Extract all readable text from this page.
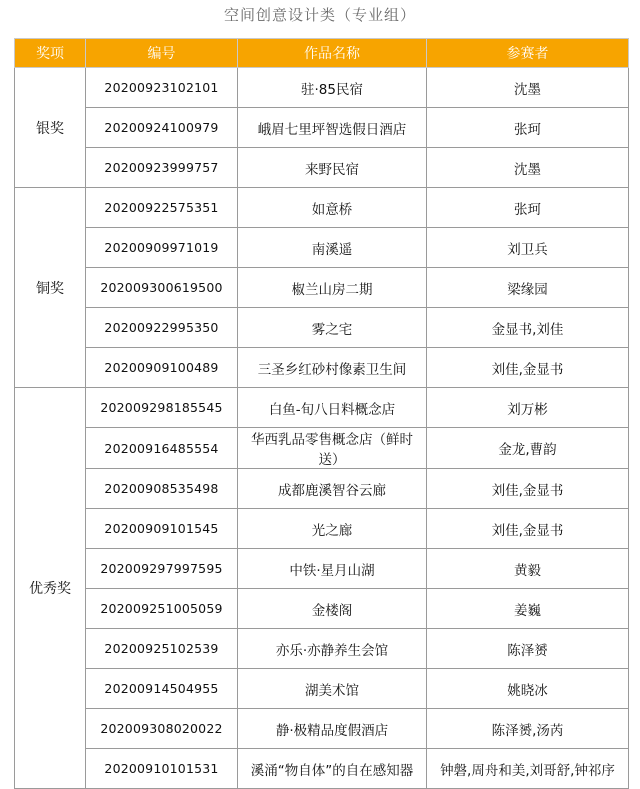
空间创意设计类（专业组）
奖项	编号	作品名称	参赛者
银奖	20200923102101	驻·85民宿	沈墨
	20200924100979	峨眉七里坪智选假日酒店	张珂
	20200923999757	来野民宿	沈墨
铜奖	20200922575351	如意桥	张珂
	20200909971019	南溪遥	刘卫兵
	20200930061950​0	椒兰山房二期	梁缘园
	20200922995350	雾之宅	金显书,刘佳
	20200909100489	三圣乡红砂村像素卫生间	刘佳,金显书
优秀奖	20200929818554​5	白鱼-旬八日料概念店	刘万彬
	20200916485554	华西乳品零售概念店（鲜时送）	金龙,曹韵
	20200908535498	成都鹿溪智谷云廊	刘佳,金显书
	20200909101545	光之廊	刘佳,金显书
	20200929799759​5	中铁·星月山湖	黄毅
	20200925100505​9	金楼阁	姜巍
	20200925102539	亦乐·亦静养生会馆	陈泽赟
	20200914504955	湖美术馆	姚晓冰
	20200930802002​2	静·极精品度假酒店	陈泽赟,汤芮
	20200910101531	溪涌“物自体”的自在感知器	钟磐,周舟和美,刘哥舒,钟祁序
